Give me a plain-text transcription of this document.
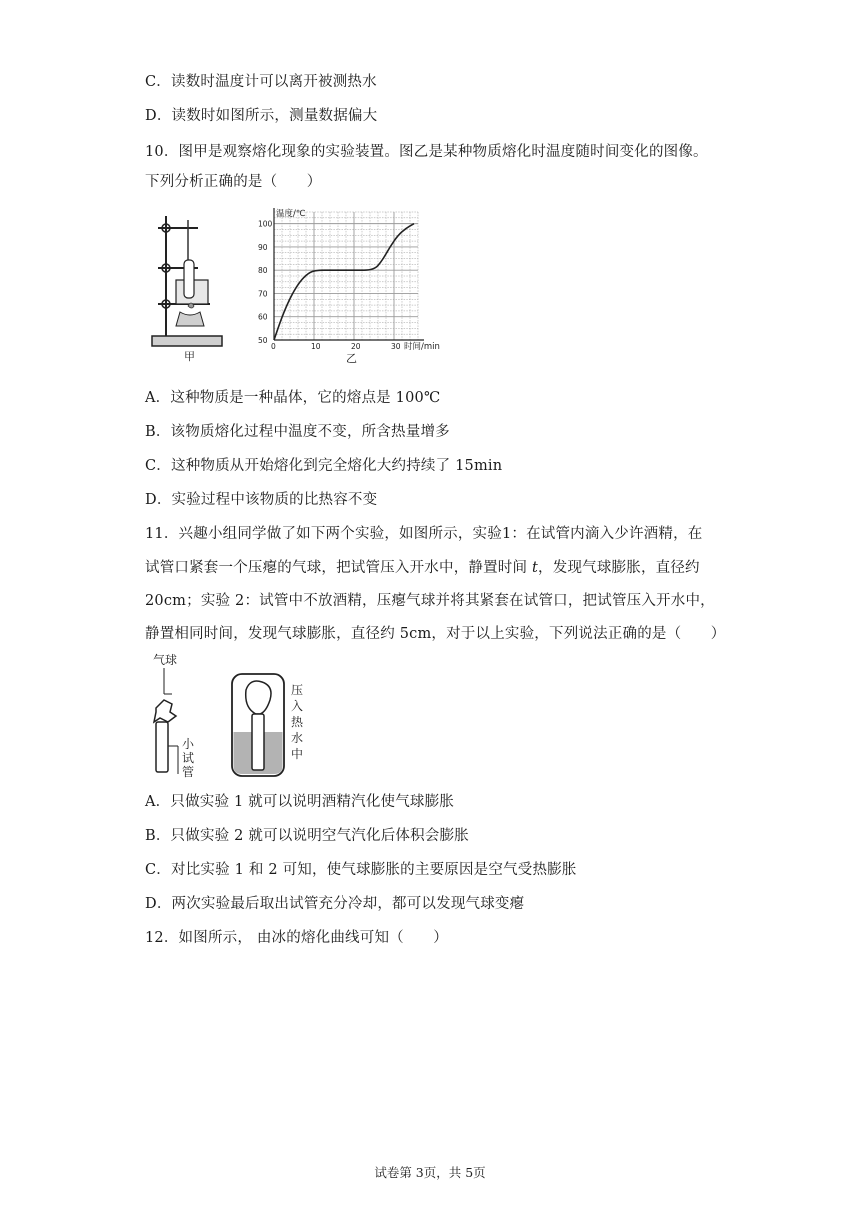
C．读数时温度计可以离开被测热水
D．读数时如图所示，测量数据偏大
10．图甲是观察熔化现象的实验装置。图乙是某种物质熔化时温度随时间变化的图像。
下列分析正确的是（　　）
甲
0	10	20	30
50
60
70
80
90
100
温度/℃
时间/min
乙
A．这种物质是一种晶体，它的熔点是 100℃
B．该物质熔化过程中温度不变，所含热量增多
C．这种物质从开始熔化到完全熔化大约持续了 15min
D．实验过程中该物质的比热容不变
11．兴趣小组同学做了如下两个实验，如图所示，实验1：在试管内滴入少许酒精，在
试管口紧套一个压瘪的气球，把试管压入开水中，静置时间 t，发现气球膨胀，直径约
20cm；实验 2：试管中不放酒精，压瘪气球并将其紧套在试管口，把试管压入开水中，
静置相同时间，发现气球膨胀，直径约 5cm，对于以上实验，下列说法正确的是（　　）
气球
小
试
管
压
入
热
水
中
A．只做实验 1 就可以说明酒精汽化使气球膨胀
B．只做实验 2 就可以说明空气汽化后体积会膨胀
C．对比实验 1 和 2 可知，使气球膨胀的主要原因是空气受热膨胀
D．两次实验最后取出试管充分冷却，都可以发现气球变瘪
12．如图所示， 由冰的熔化曲线可知（　　）
试卷第 3页，共 5页
